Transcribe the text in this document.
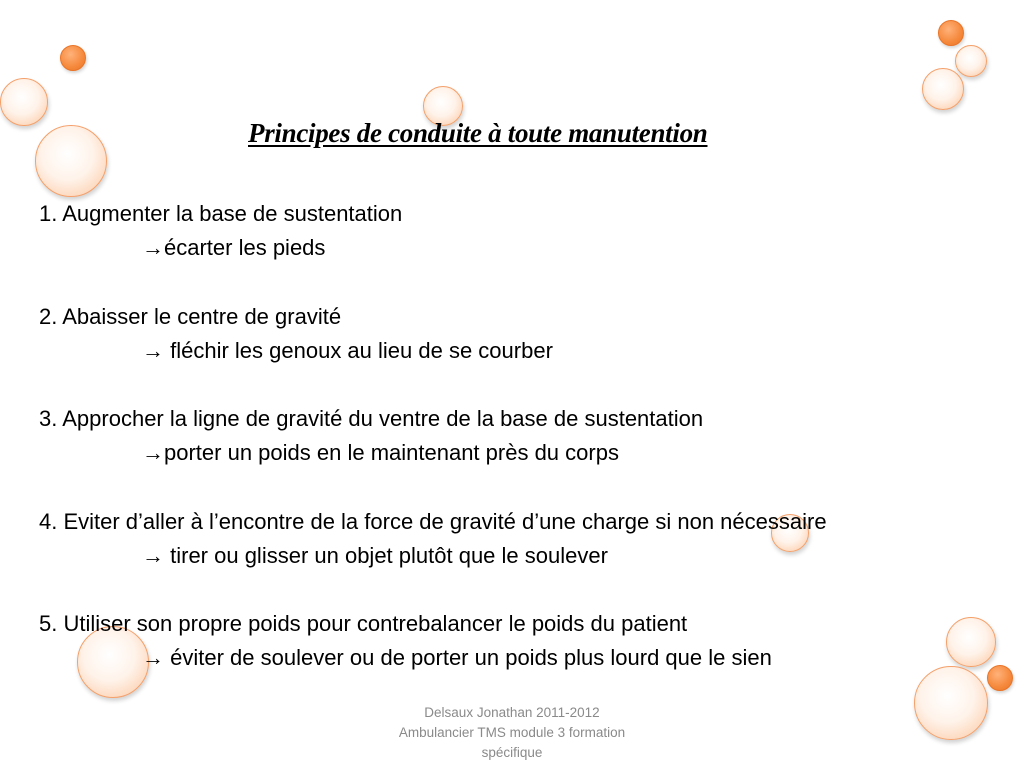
Principes de conduite à toute manutention
1. Augmenter la base de sustentation
→écarter les pieds
2. Abaisser le centre de gravité
→ fléchir les genoux au lieu de se courber
3. Approcher la ligne de gravité du ventre de la base de sustentation
→porter un poids en le maintenant près du corps
4. Eviter d’aller à l’encontre de la force de gravité d’une charge si non nécessaire
→ tirer ou glisser un objet plutôt que le soulever
5. Utiliser son propre poids pour contrebalancer le poids du patient
→ éviter de soulever ou de porter un poids plus lourd que le sien
Delsaux Jonathan 2011-2012
Ambulancier TMS module 3 formation
spécifique
